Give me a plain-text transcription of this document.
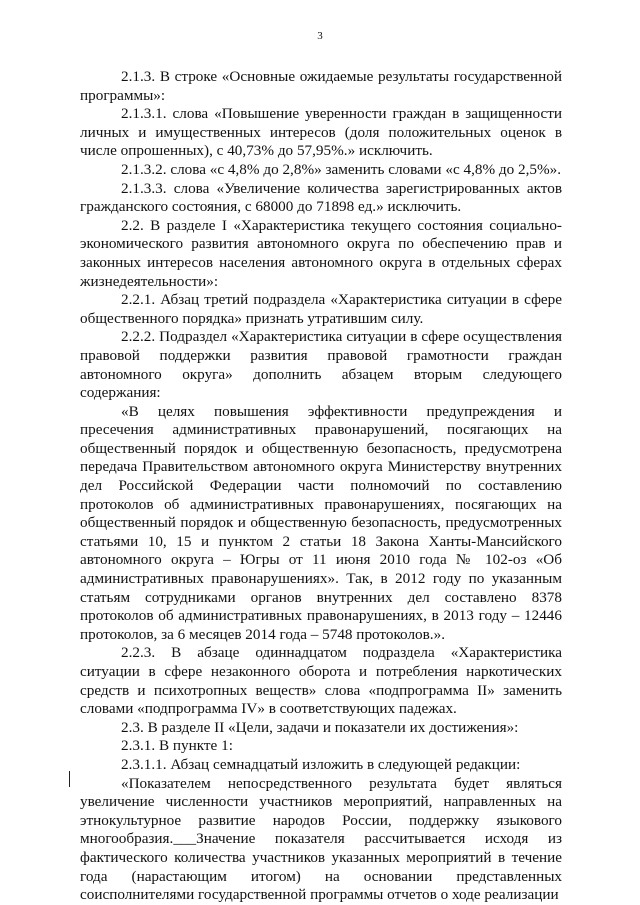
3

2.1.3. В строке «Основные ожидаемые результаты государственной программы»:

2.1.3.1. слова «Повышение уверенности граждан в защищенности личных и имущественных интересов (доля положительных оценок в числе опрошенных), с 40,73% до 57,95%.» исключить.

2.1.3.2. слова «с 4,8% до 2,8%» заменить словами «с 4,8% до 2,5%».

2.1.3.3. слова «Увеличение количества зарегистрированных актов гражданского состояния, с 68000 до 71898 ед.» исключить.

2.2. В разделе I «Характеристика текущего состояния социально-экономического развития автономного округа по обеспечению прав и законных интересов населения автономного округа в отдельных сферах жизнедеятельности»:

2.2.1. Абзац третий подраздела «Характеристика ситуации в сфере общественного порядка» признать утратившим силу.

2.2.2. Подраздел «Характеристика ситуации в сфере осуществления правовой поддержки развития правовой грамотности граждан автономного округа» дополнить абзацем вторым следующего содержания:

«В целях повышения эффективности предупреждения и пресечения административных правонарушений, посягающих на общественный порядок и общественную безопасность, предусмотрена передача Правительством автономного округа Министерству внутренних дел Российской Федерации части полномочий по составлению протоколов об административных правонарушениях, посягающих на общественный порядок и общественную безопасность, предусмотренных статьями 10, 15 и пунктом 2 статьи 18 Закона Ханты-Мансийского автономного округа – Югры от 11 июня 2010 года № 102-оз «Об административных правонарушениях». Так, в 2012 году по указанным статьям сотрудниками органов внутренних дел составлено 8378 протоколов об административных правонарушениях, в 2013 году – 12446 протоколов, за 6 месяцев 2014 года – 5748 протоколов.».

2.2.3. В абзаце одиннадцатом подраздела «Характеристика ситуации в сфере незаконного оборота и потребления наркотических средств и психотропных веществ» слова «подпрограмма II» заменить словами «подпрограмма IV» в соответствующих падежах.

2.3. В разделе II «Цели, задачи и показатели их достижения»:

2.3.1. В пункте 1:

2.3.1.1. Абзац семнадцатый изложить в следующей редакции:

«Показателем непосредственного результата будет являться увеличение численности участников мероприятий, направленных на этнокультурное развитие народов России, поддержку языкового многообразия.___Значение показателя рассчитывается исходя из фактического количества участников указанных мероприятий в течение года (нарастающим итогом) на основании представленных соисполнителями государственной программы отчетов о ходе реализации
